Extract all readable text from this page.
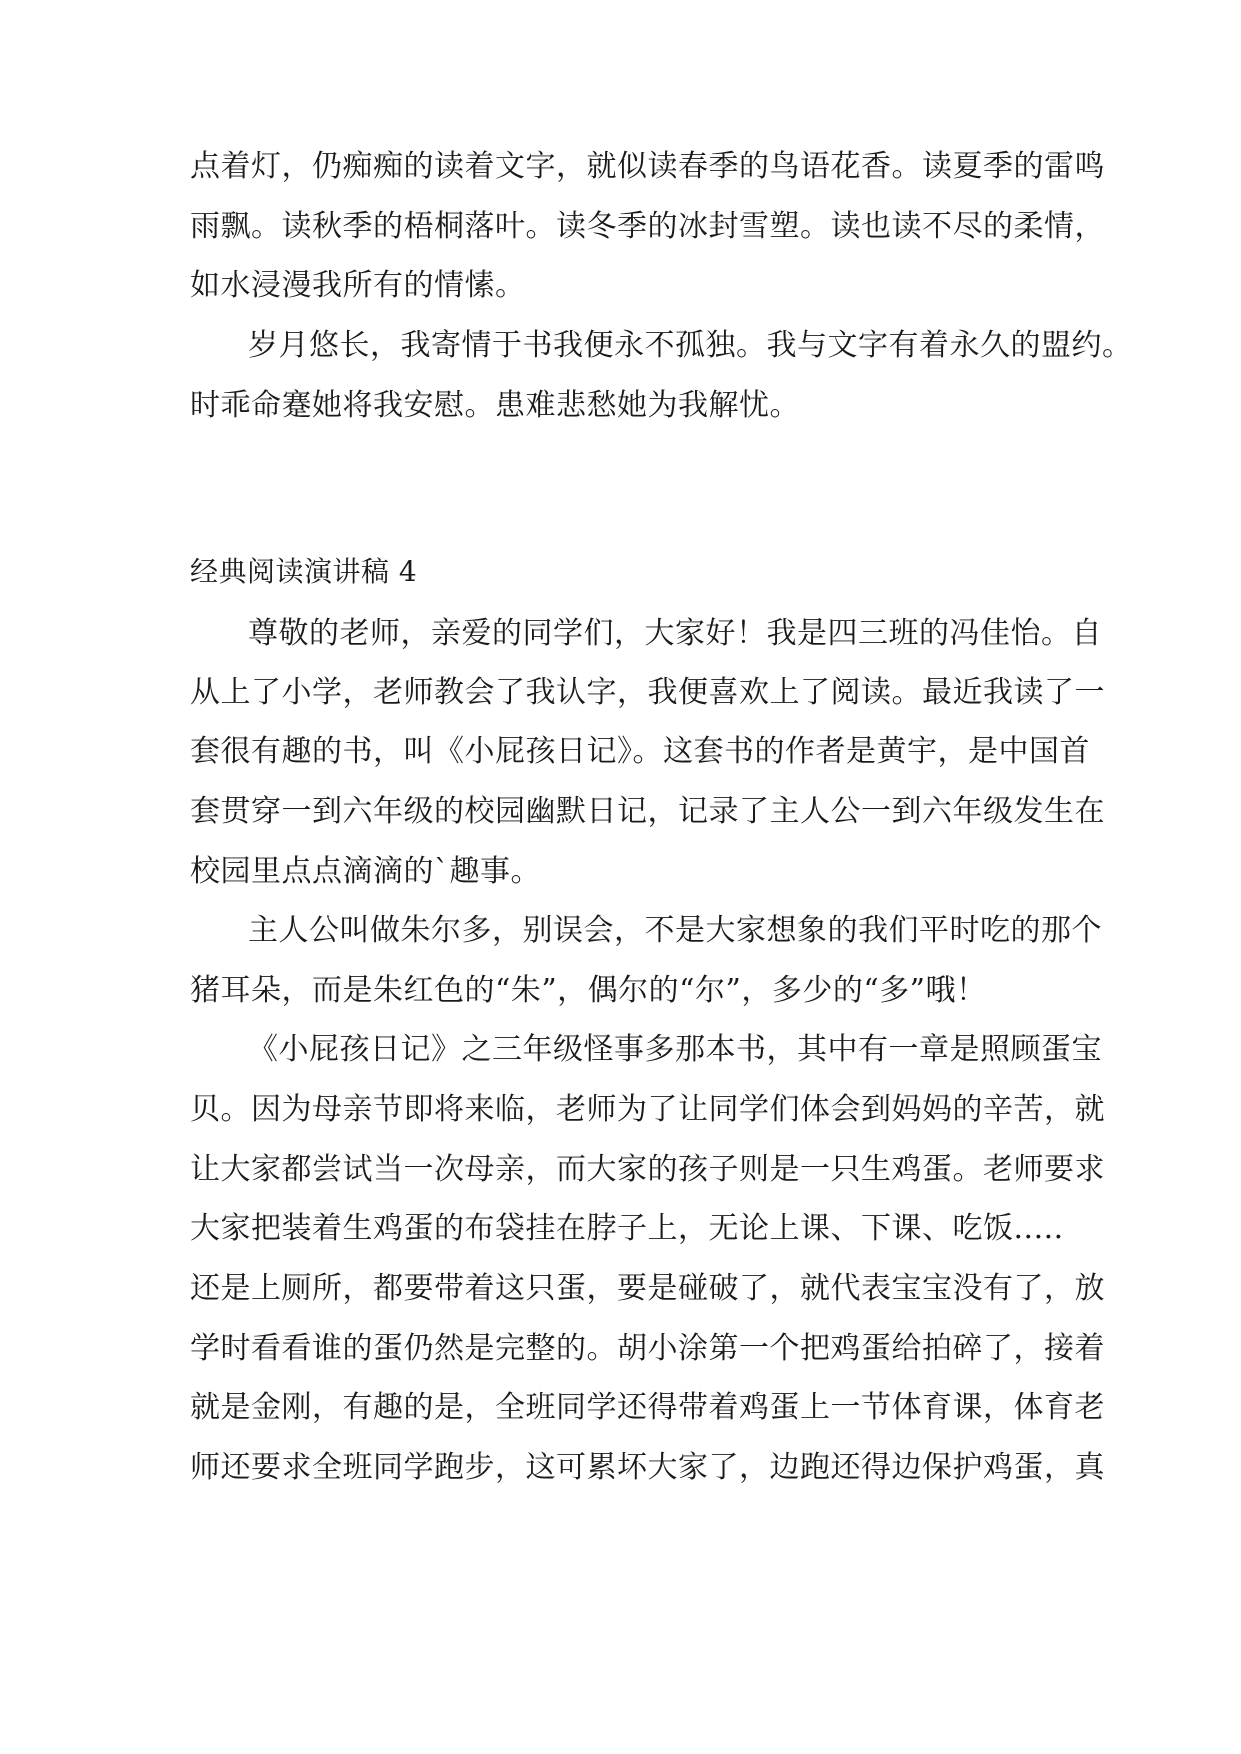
点着灯，仍痴痴的读着文字，就似读春季的鸟语花香。读夏季的雷鸣
雨飘。读秋季的梧桐落叶。读冬季的冰封雪塑。读也读不尽的柔情，
如水浸漫我所有的情愫。
岁月悠长，我寄情于书我便永不孤独。我与文字有着永久的盟约。
时乖命蹇她将我安慰。患难悲愁她为我解忧。
经典阅读演讲稿 4
尊敬的老师，亲爱的同学们，大家好！我是四三班的冯佳怡。自
从上了小学，老师教会了我认字，我便喜欢上了阅读。最近我读了一
套很有趣的书，叫《小屁孩日记》。这套书的作者是黄宇，是中国首
套贯穿一到六年级的校园幽默日记，记录了主人公一到六年级发生在
校园里点点滴滴的`趣事。
主人公叫做朱尔多，别误会，不是大家想象的我们平时吃的那个
猪耳朵，而是朱红色的“朱”，偶尔的“尔”，多少的“多”哦！
《小屁孩日记》之三年级怪事多那本书，其中有一章是照顾蛋宝
贝。因为母亲节即将来临，老师为了让同学们体会到妈妈的辛苦，就
让大家都尝试当一次母亲，而大家的孩子则是一只生鸡蛋。老师要求
大家把装着生鸡蛋的布袋挂在脖子上，无论上课、下课、吃饭.....
还是上厕所，都要带着这只蛋，要是碰破了，就代表宝宝没有了，放
学时看看谁的蛋仍然是完整的。胡小涂第一个把鸡蛋给拍碎了，接着
就是金刚，有趣的是，全班同学还得带着鸡蛋上一节体育课，体育老
师还要求全班同学跑步，这可累坏大家了，边跑还得边保护鸡蛋，真
